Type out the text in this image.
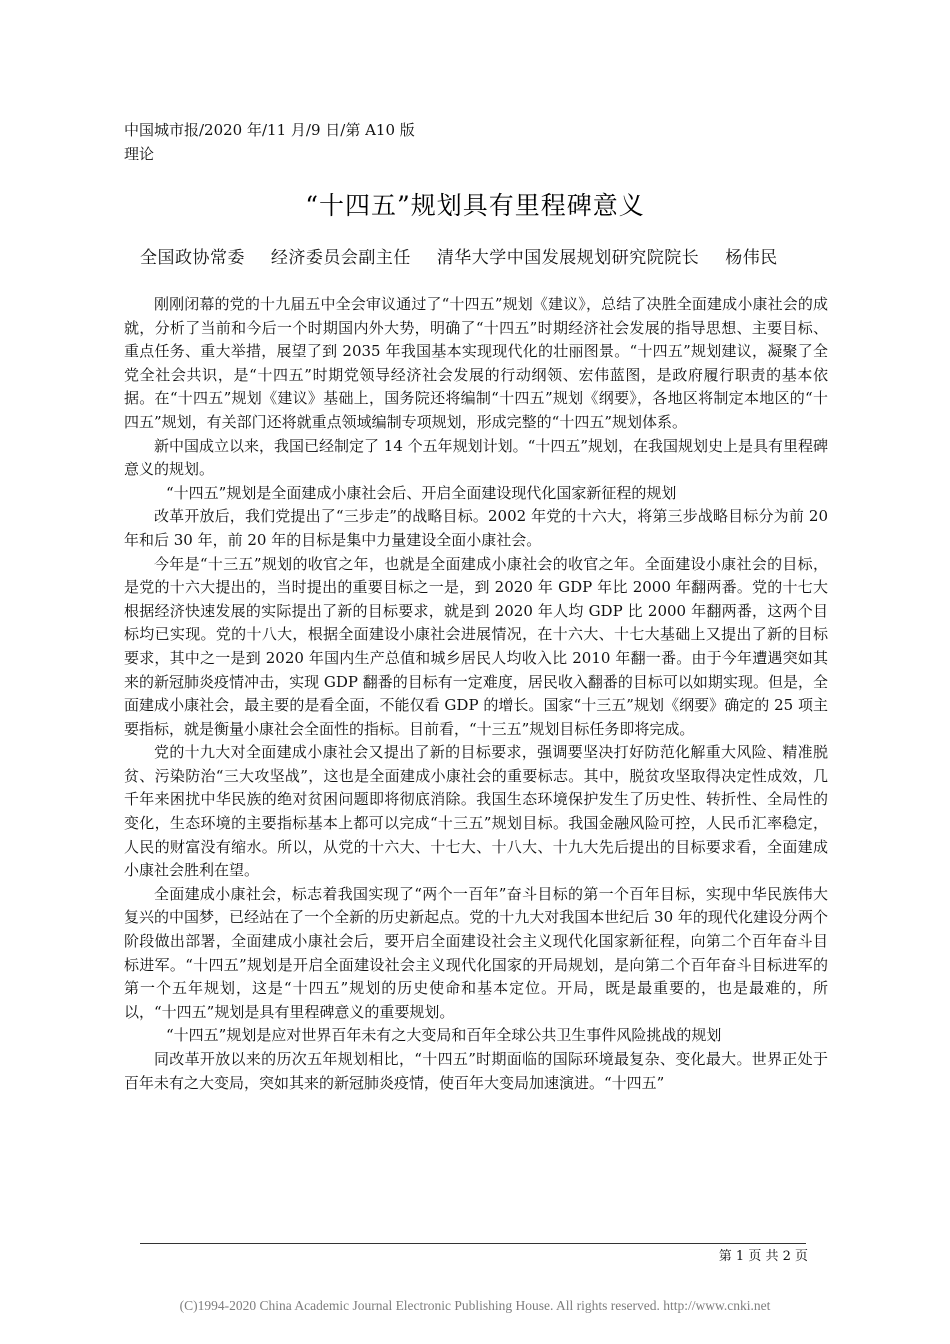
中国城市报/2020 年/11 月/9 日/第 A10 版
理论
“十四五”规划具有里程碑意义
全国政协常委 经济委员会副主任 清华大学中国发展规划研究院院长 杨伟民

刚刚闭幕的党的十九届五中全会审议通过了“十四五”规划《建议》，总结了决胜全面建成小康社会的成就，分析了当前和今后一个时期国内外大势，明确了“十四五”时期经济社会发展的指导思想、主要目标、重点任务、重大举措，展望了到 2035 年我国基本实现现代化的壮丽图景。“十四五”规划建议，凝聚了全党全社会共识，是“十四五”时期党领导经济社会发展的行动纲领、宏伟蓝图，是政府履行职责的基本依据。在“十四五”规划《建议》基础上，国务院还将编制“十四五”规划《纲要》，各地区将制定本地区的“十四五”规划，有关部门还将就重点领域编制专项规划，形成完整的“十四五”规划体系。

新中国成立以来，我国已经制定了 14 个五年规划计划。“十四五”规划，在我国规划史上是具有里程碑意义的规划。

“十四五”规划是全面建成小康社会后、开启全面建设现代化国家新征程的规划

改革开放后，我们党提出了“三步走”的战略目标。2002 年党的十六大，将第三步战略目标分为前 20 年和后 30 年，前 20 年的目标是集中力量建设全面小康社会。

今年是“十三五”规划的收官之年，也就是全面建成小康社会的收官之年。全面建设小康社会的目标，是党的十六大提出的，当时提出的重要目标之一是，到 2020 年 GDP 年比 2000 年翻两番。党的十七大根据经济快速发展的实际提出了新的目标要求，就是到 2020 年人均 GDP 比 2000 年翻两番，这两个目标均已实现。党的十八大，根据全面建设小康社会进展情况，在十六大、十七大基础上又提出了新的目标要求，其中之一是到 2020 年国内生产总值和城乡居民人均收入比 2010 年翻一番。由于今年遭遇突如其来的新冠肺炎疫情冲击，实现 GDP 翻番的目标有一定难度，居民收入翻番的目标可以如期实现。但是，全面建成小康社会，最主要的是看全面，不能仅看 GDP 的增长。国家“十三五”规划《纲要》确定的 25 项主要指标，就是衡量小康社会全面性的指标。目前看，“十三五”规划目标任务即将完成。

党的十九大对全面建成小康社会又提出了新的目标要求，强调要坚决打好防范化解重大风险、精准脱贫、污染防治“三大攻坚战”，这也是全面建成小康社会的重要标志。其中，脱贫攻坚取得决定性成效，几千年来困扰中华民族的绝对贫困问题即将彻底消除。我国生态环境保护发生了历史性、转折性、全局性的变化，生态环境的主要指标基本上都可以完成“十三五”规划目标。我国金融风险可控，人民币汇率稳定，人民的财富没有缩水。所以，从党的十六大、十七大、十八大、十九大先后提出的目标要求看，全面建成小康社会胜利在望。

全面建成小康社会，标志着我国实现了“两个一百年”奋斗目标的第一个百年目标，实现中华民族伟大复兴的中国梦，已经站在了一个全新的历史新起点。党的十九大对我国本世纪后 30 年的现代化建设分两个阶段做出部署，全面建成小康社会后，要开启全面建设社会主义现代化国家新征程，向第二个百年奋斗目标进军。“十四五”规划是开启全面建设社会主义现代化国家的开局规划，是向第二个百年奋斗目标进军的第一个五年规划，这是“十四五”规划的历史使命和基本定位。开局，既是最重要的，也是最难的，所以，“十四五”规划是具有里程碑意义的重要规划。

“十四五”规划是应对世界百年未有之大变局和百年全球公共卫生事件风险挑战的规划

同改革开放以来的历次五年规划相比，“十四五”时期面临的国际环境最复杂、变化最大。世界正处于百年未有之大变局，突如其来的新冠肺炎疫情，使百年大变局加速演进。“十四五”

第 1 页 共 2 页
(C)1994-2020 China Academic Journal Electronic Publishing House. All rights reserved. http://www.cnki.net
